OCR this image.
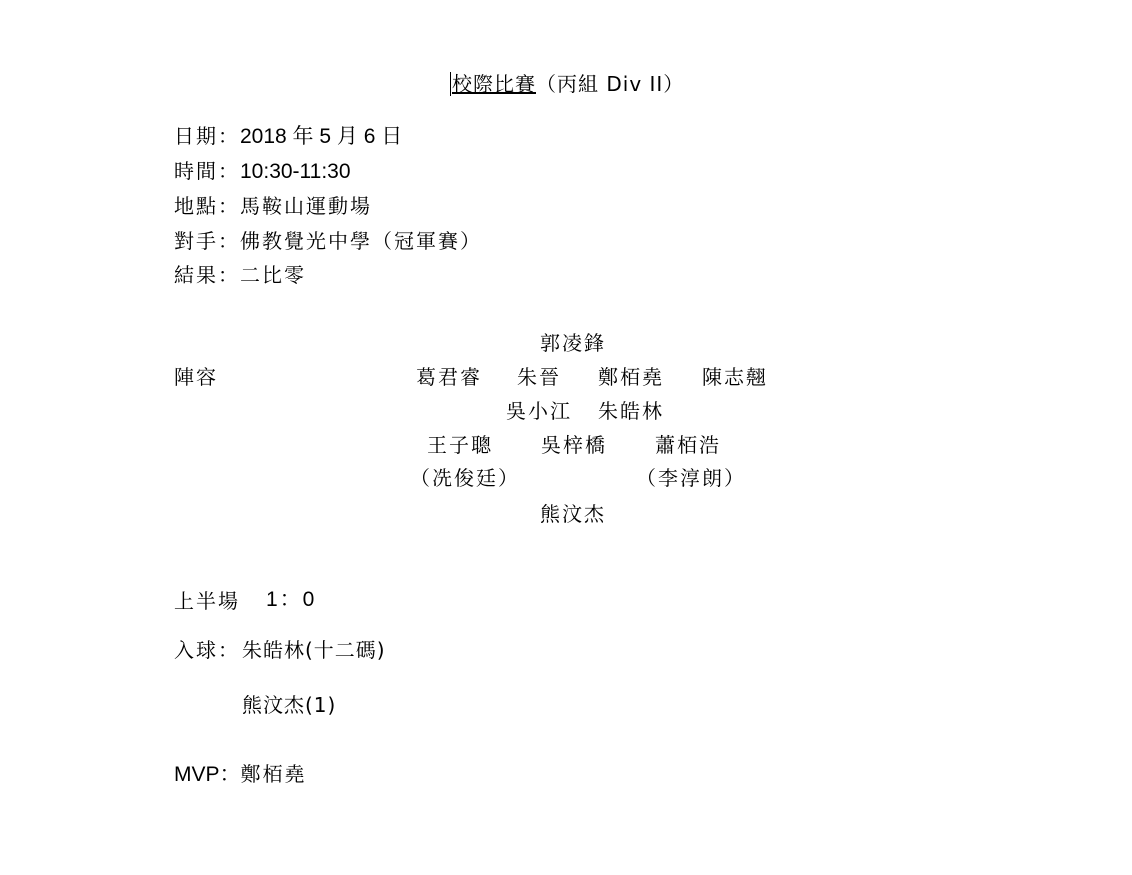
校際比賽（丙組 Div II）
日期：2018 年 5 月 6 日
時間：10:30-11:30
地點：馬鞍山運動場
對手：佛教覺光中學（冠軍賽）
結果：二比零
陣容
郭凌鋒
葛君睿 朱晉 鄭栢堯 陳志翹
吳小江 朱皓林
王子聰 吳梓橋 蕭栢浩
（冼俊廷）	（李淳朗）
熊汶杰
上半場 1：0
入球： 朱皓林(十二碼)
熊汶杰(1)
MVP：鄭栢堯
